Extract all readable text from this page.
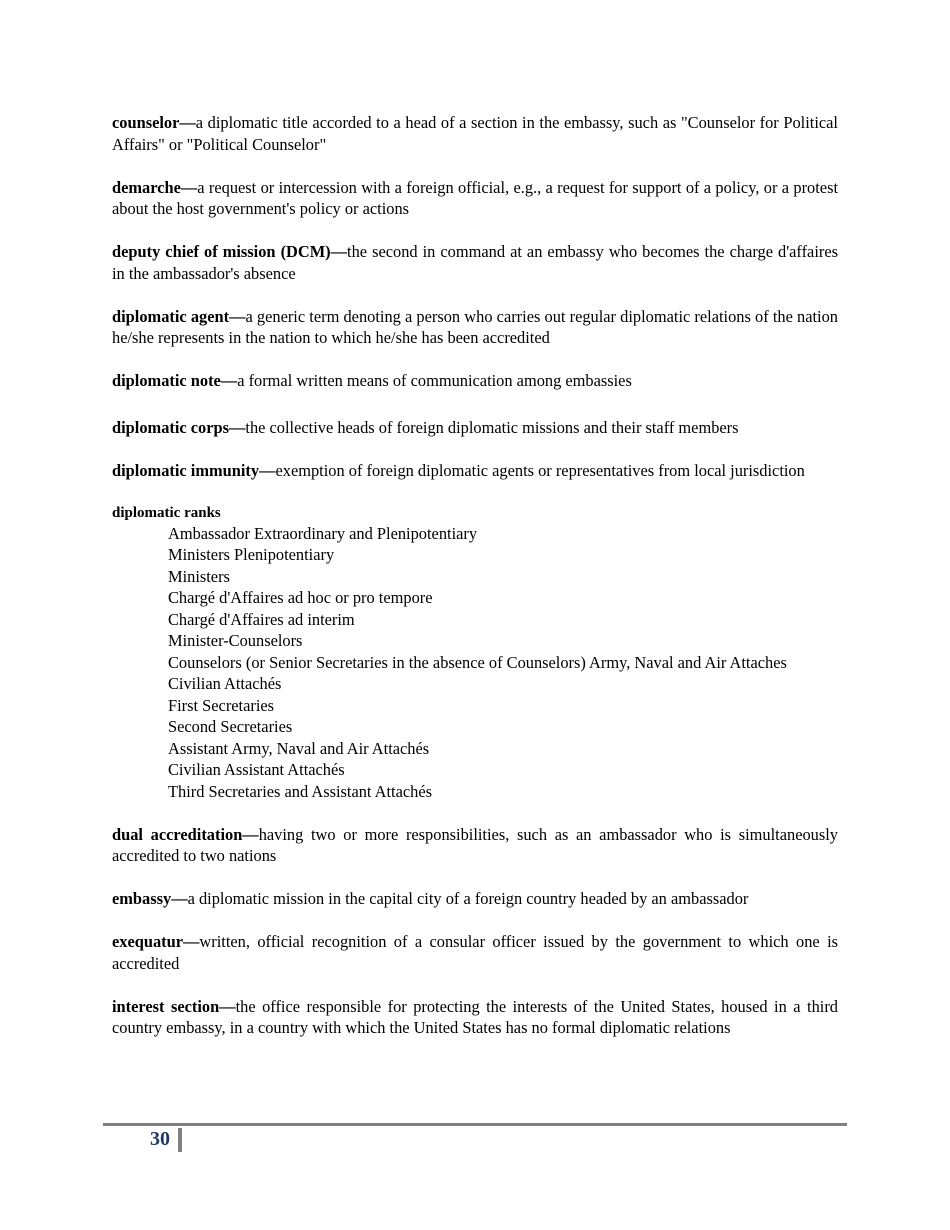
counselor—a diplomatic title accorded to a head of a section in the embassy, such as "Counselor for Political Affairs" or "Political Counselor"

demarche—a request or intercession with a foreign official, e.g., a request for support of a policy, or a protest about the host government's policy or actions

deputy chief of mission (DCM)—the second in command at an embassy who becomes the charge d'affaires in the ambassador's absence

diplomatic agent—a generic term denoting a person who carries out regular diplomatic relations of the nation he/she represents in the nation to which he/she has been accredited

diplomatic note—a formal written means of communication among embassies

diplomatic corps—the collective heads of foreign diplomatic missions and their staff members

diplomatic immunity—exemption of foreign diplomatic agents or representatives from local jurisdiction

diplomatic ranks

Ambassador Extraordinary and Plenipotentiary
Ministers Plenipotentiary
Ministers
Chargé d'Affaires ad hoc or pro tempore
Chargé d'Affaires ad interim
Minister-Counselors
Counselors (or Senior Secretaries in the absence of Counselors) Army, Naval and Air Attaches
Civilian Attachés
First Secretaries
Second Secretaries
Assistant Army, Naval and Air Attachés
Civilian Assistant Attachés
Third Secretaries and Assistant Attachés

dual accreditation—having two or more responsibilities, such as an ambassador who is simultaneously accredited to two nations

embassy—a diplomatic mission in the capital city of a foreign country headed by an ambassador

exequatur—written, official recognition of a consular officer issued by the government to which one is accredited

interest section—the office responsible for protecting the interests of the United States, housed in a third country embassy, in a country with which the United States has no formal diplomatic relations

30
